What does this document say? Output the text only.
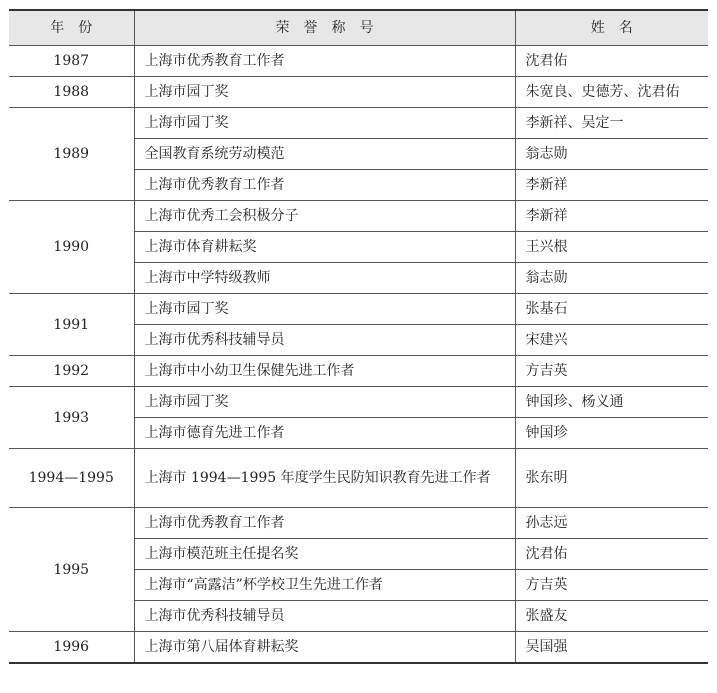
年　份	荣　誉　称　号	姓　名
1987	上海市优秀教育工作者	沈君佑
1988	上海市园丁奖	朱宽良、史德芳、沈君佑
1989	上海市园丁奖	李新祥、吴定一
	全国教育系统劳动模范	翁志勋
	上海市优秀教育工作者	李新祥
1990	上海市优秀工会积极分子	李新祥
	上海市体育耕耘奖	王兴根
	上海市中学特级教师	翁志勋
1991	上海市园丁奖	张基石
	上海市优秀科技辅导员	宋建兴
1992	上海市中小幼卫生保健先进工作者	方吉英
1993	上海市园丁奖	钟国珍、杨义通
	上海市德育先进工作者	钟国珍
1994—1995	上海市 1994—1995 年度学生民防知识教育先进工作者	张东明
1995	上海市优秀教育工作者	孙志远
	上海市模范班主任提名奖	沈君佑
	上海市“高露洁”杯学校卫生先进工作者	方吉英
	上海市优秀科技辅导员	张盛友
1996	上海市第八届体育耕耘奖	吴国强
